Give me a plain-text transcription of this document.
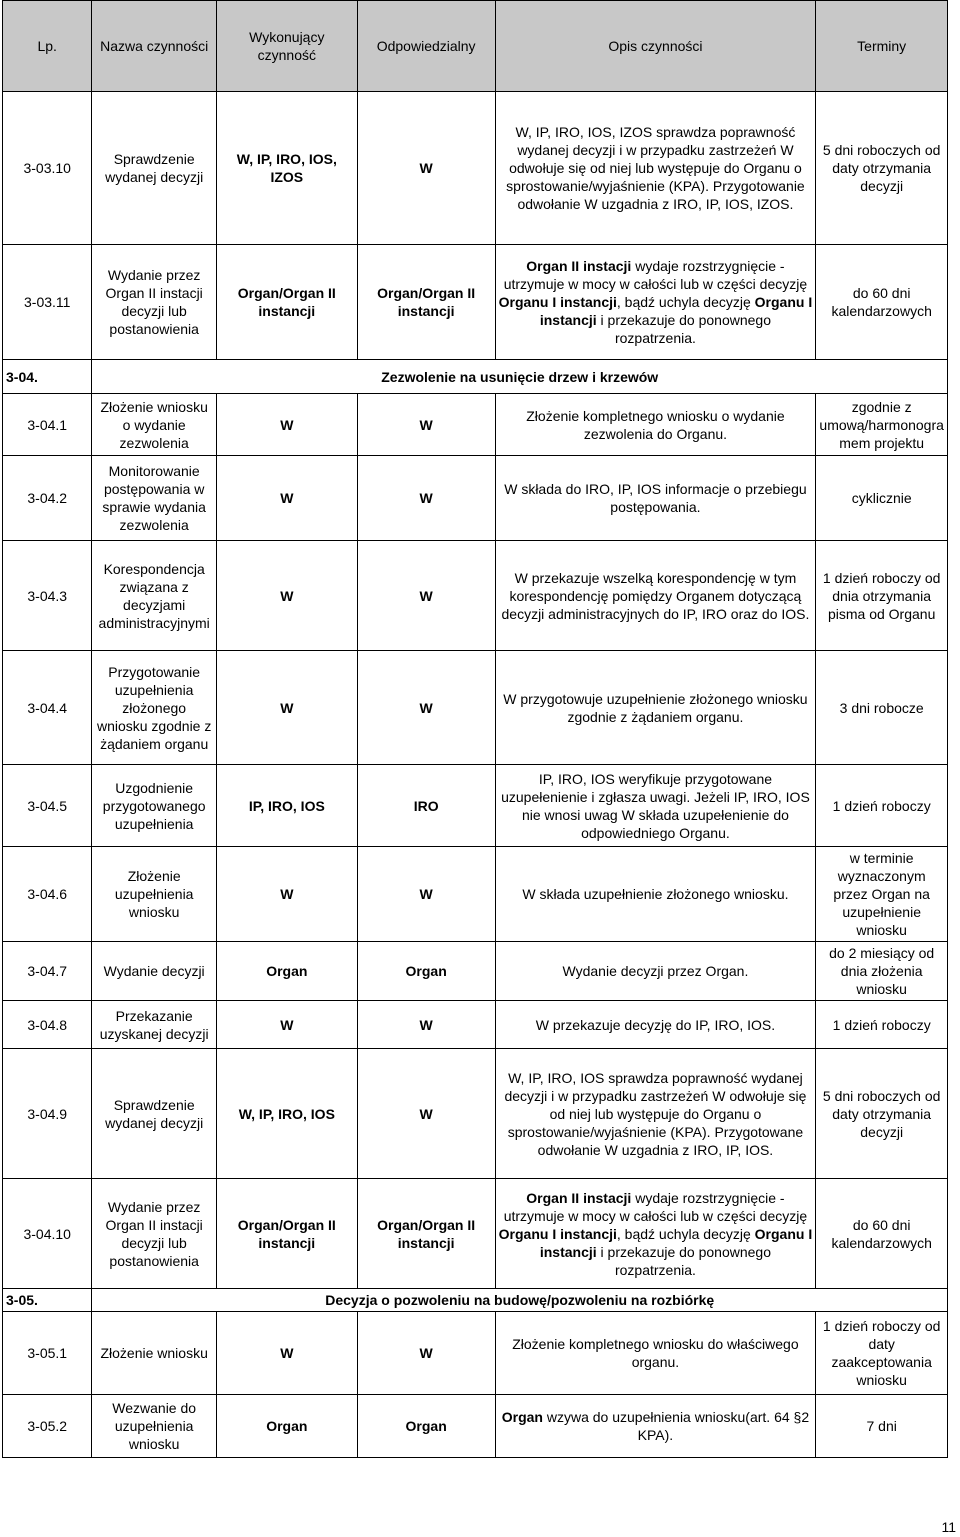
Lp.	Nazwa czynności	Wykonujący czynność	Odpowiedzialny	Opis czynności	Terminy
3-03.10	Sprawdzenie wydanej decyzji	W, IP, IRO, IOS, IZOS	W	W, IP, IRO, IOS, IZOS sprawdza poprawność wydanej decyzji i w przypadku zastrzeżeń W odwołuje się od niej lub występuje do Organu o sprostowanie/wyjaśnienie (KPA). Przygotowanie odwołanie W uzgadnia z IRO, IP, IOS, IZOS.	5 dni roboczych od daty otrzymania decyzji
3-03.11	Wydanie przez Organ II instacji decyzji lub postanowienia	Organ/Organ II instancji	Organ/Organ II instancji	Organ II instacji wydaje rozstrzygnięcie - utrzymuje w mocy w całości lub w części decyzję Organu I instancji, bądź uchyla decyzję Organu I instancji i przekazuje do ponownego rozpatrzenia.	do 60 dni kalendarzowych
3-04.	Zezwolenie na usunięcie drzew i krzewów				
3-04.1	Złożenie wniosku o wydanie zezwolenia	W	W	Złożenie kompletnego wniosku o wydanie zezwolenia do Organu.	zgodnie z umową/harmonogramem projektu
3-04.2	Monitorowanie postępowania w sprawie wydania zezwolenia	W	W	W składa do IRO, IP, IOS informacje o przebiegu postępowania.	cyklicznie
3-04.3	Korespondencja związana z decyzjami administracyjnymi	W	W	W przekazuje wszelką korespondencję w tym korespondencję pomiędzy Organem dotyczącą decyzji administracyjnych do IP, IRO oraz do IOS.	1 dzień roboczy od dnia otrzymania pisma od Organu
3-04.4	Przygotowanie uzupełnienia złożonego wniosku zgodnie z żądaniem organu	W	W	W przygotowuje uzupełnienie złożonego wniosku zgodnie z żądaniem organu.	3 dni robocze
3-04.5	Uzgodnienie przygotowanego uzupełnienia	IP, IRO, IOS	IRO	IP, IRO, IOS weryfikuje przygotowane uzupełenienie i zgłasza uwagi. Jeżeli IP, IRO, IOS nie wnosi uwag W składa uzupełenienie do odpowiedniego Organu.	1 dzień roboczy
3-04.6	Złożenie uzupełnienia wniosku	W	W	W składa uzupełnienie złożonego wniosku.	w terminie wyznaczonym przez Organ na uzupełnienie wniosku
3-04.7	Wydanie decyzji	Organ	Organ	Wydanie decyzji przez Organ.	do 2 miesiący od dnia złożenia wniosku
3-04.8	Przekazanie uzyskanej decyzji	W	W	W przekazuje decyzję do IP, IRO, IOS.	1 dzień roboczy
3-04.9	Sprawdzenie wydanej decyzji	W, IP, IRO, IOS	W	W, IP, IRO, IOS sprawdza poprawność wydanej decyzji i w przypadku zastrzeżeń W odwołuje się od niej lub występuje do Organu o sprostowanie/wyjaśnienie (KPA). Przygotowane odwołanie W uzgadnia z IRO, IP, IOS.	5 dni roboczych od daty otrzymania decyzji
3-04.10	Wydanie przez Organ II instacji decyzji lub postanowienia	Organ/Organ II instancji	Organ/Organ II instancji	Organ II instacji wydaje rozstrzygnięcie - utrzymuje w mocy w całości lub w części decyzję Organu I instancji, bądź uchyla decyzję Organu I instancji i przekazuje do ponownego rozpatrzenia.	do 60 dni kalendarzowych
3-05.	Decyzja o pozwoleniu na budowę/pozwoleniu na rozbiórkę				
3-05.1	Złożenie wniosku	W	W	Złożenie kompletnego wniosku do właściwego organu.	1 dzień roboczy od daty zaakceptowania wniosku
3-05.2	Wezwanie do uzupełnienia wniosku	Organ	Organ	Organ wzywa do uzupełnienia wniosku(art. 64 §2 KPA).	7 dni
11
